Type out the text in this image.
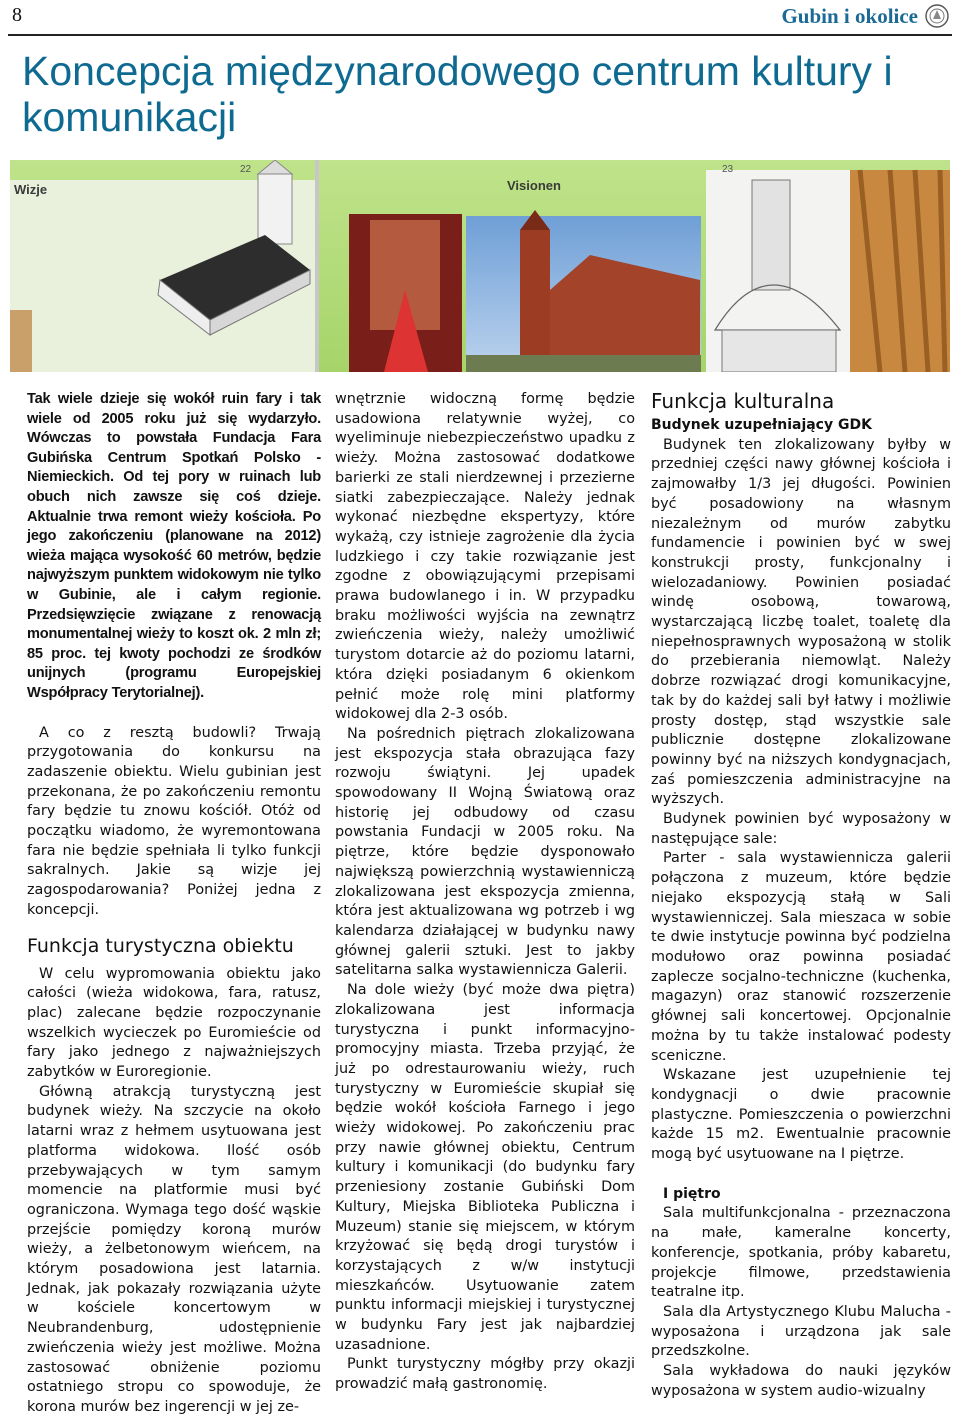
8	Gubin i okolice
Koncepcja międzynarodowego centrum kultury i komunikacji
Wizje	Visionen
22	23

Tak wiele dzieje się wokół ruin fary i tak wiele od 2005 roku już się wydarzyło. Wówczas to powstała Fundacja Fara Gubińska Centrum Spotkań Polsko - Niemieckich. Od tej pory w ruinach lub obuch nich zawsze się coś dzieje. Aktualnie trwa remont wieży kościoła. Po jego zakończeniu (planowane na 2012) wieża mająca wysokość 60 metrów, będzie najwyższym punktem widokowym nie tylko w Gubinie, ale i całym regionie. Przedsięwzięcie związane z renowacją monumentalnej wieży to koszt ok. 2 mln zł; 85 proc. tej kwoty pochodzi ze środków unijnych (programu Europejskiej Współpracy Terytorialnej).

A co z resztą budowli? Trwają przygotowania do konkursu na zadaszenie obiektu. Wielu gubinian jest przekonana, że po zakończeniu remontu fary będzie tu znowu kościół. Otóż od początku wiadomo, że wyremontowana fara nie będzie spełniała li tylko funkcji sakralnych. Jakie są wizje jej zagospodarowania? Poniżej jedna z koncepcji.

Funkcja turystyczna obiektu

W celu wypromowania obiektu jako całości (wieża widokowa, fara, ratusz, plac) zalecane będzie rozpoczynanie wszelkich wycieczek po Euromieście od fary jako jednego z najważniejszych zabytków w Euroregionie.

Główną atrakcją turystyczną jest budynek wieży. Na szczycie na około latarni wraz z hełmem usytuowana jest platforma widokowa. Ilość osób przebywających w tym samym momencie na platformie musi być ograniczona. Wymaga tego dość wąskie przejście pomiędzy koroną murów wieży, a żelbetonowym wieńcem, na którym posadowiona jest latarnia. Jednak, jak pokazały rozwiązania użyte w kościele koncertowym w Neubrandenburg, udostępnienie zwieńczenia wieży jest możliwe. Można zastosować obniżenie poziomu ostatniego stropu co spowoduje, że korona murów bez ingerencji w jej ze-

wnętrznie widoczną formę będzie usadowiona relatywnie wyżej, co wyeliminuje niebezpieczeństwo upadku z wieży. Można zastosować dodatkowe barierki ze stali nierdzewnej i przezierne siatki zabezpieczające. Należy jednak wykonać niezbędne ekspertyzy, które wykażą, czy istnieje zagrożenie dla życia ludzkiego i czy takie rozwiązanie jest zgodne z obowiązującymi przepisami prawa budowlanego i in. W przypadku braku możliwości wyjścia na zewnątrz zwieńczenia wieży, należy umożliwić turystom dotarcie aż do poziomu latarni, która dzięki posiadanym 6 okienkom pełnić może rolę mini platformy widokowej dla 2-3 osób.

Na pośrednich piętrach zlokalizowana jest ekspozycja stała obrazująca fazy rozwoju świątyni. Jej upadek spowodowany II Wojną Światową oraz historię jej odbudowy od czasu powstania Fundacji w 2005 roku. Na piętrze, które będzie dysponowało największą powierzchnią wystawienniczą zlokalizowana jest ekspozycja zmienna, która jest aktualizowana wg potrzeb i wg kalendarza działającej w budynku nawy głównej galerii sztuki. Jest to jakby satelitarna salka wystawiennicza Galerii.

Na dole wieży (być może dwa piętra) zlokalizowana jest informacja turystyczna i punkt informacyjno-promocyjny miasta. Trzeba przyjąć, że już po odrestaurowaniu wieży, ruch turystyczny w Euromieście skupiał się będzie wokół kościoła Farnego i jego wieży widokowej. Po zakończeniu prac przy nawie głównej obiektu, Centrum kultury i komunikacji (do budynku fary przeniesiony zostanie Gubiński Dom Kultury, Miejska Biblioteka Publiczna i Muzeum) stanie się miejscem, w którym krzyżować się będą drogi turystów i korzystających z w/w instytucji mieszkańców. Usytuowanie zatem punktu informacji miejskiej i turystycznej w budynku Fary jest jak najbardziej uzasadnione.

Punkt turystyczny mógłby przy okazji prowadzić małą gastronomię.

Funkcja kulturalna

Budynek uzupełniający GDK

Budynek ten zlokalizowany byłby w przedniej części nawy głównej kościoła i zajmowałby 1/3 jej długości. Powinien być posadowiony na własnym niezależnym od murów zabytku fundamencie i powinien być w swej konstrukcji prosty, funkcjonalny i wielozadaniowy. Powinien posiadać windę osobową, towarową, wystarczającą liczbę toalet, toaletę dla niepełnosprawnych wyposażoną w stolik do przebierania niemowląt. Należy dobrze rozwiązać drogi komunikacyjne, tak by do każdej sali był łatwy i możliwie prosty dostęp, stąd wszystkie sale publicznie dostępne zlokalizowane powinny być na niższych kondygnacjach, zaś pomieszczenia administracyjne na wyższych.

Budynek powinien być wyposażony w następujące sale:

Parter - sala wystawiennicza galerii połączona z muzeum, które będzie niejako ekspozycją stałą w Sali wystawienniczej. Sala mieszaca w sobie te dwie instytucje powinna być podzielna modułowo oraz powinna posiadać zaplecze socjalno-techniczne (kuchenka, magazyn) oraz stanowić rozszerzenie głównej sali koncertowej. Opcjonalnie można by tu także instalować podesty sceniczne.

Wskazane jest uzupełnienie tej kondygnacji o dwie pracownie plastyczne. Pomieszczenia o powierzchni każde 15 m2. Ewentualnie pracownie mogą być usytuowane na I piętrze.

I piętro

Sala multifunkcjonalna - przeznaczona na małe, kameralne koncerty, konferencje, spotkania, próby kabaretu, projekcje filmowe, przedstawienia teatralne itp.

Sala dla Artystycznego Klubu Malucha - wyposażona i urządzona jak sale przedszkolne.

Sala wykładowa do nauki języków wyposażona w system audio-wizualny
